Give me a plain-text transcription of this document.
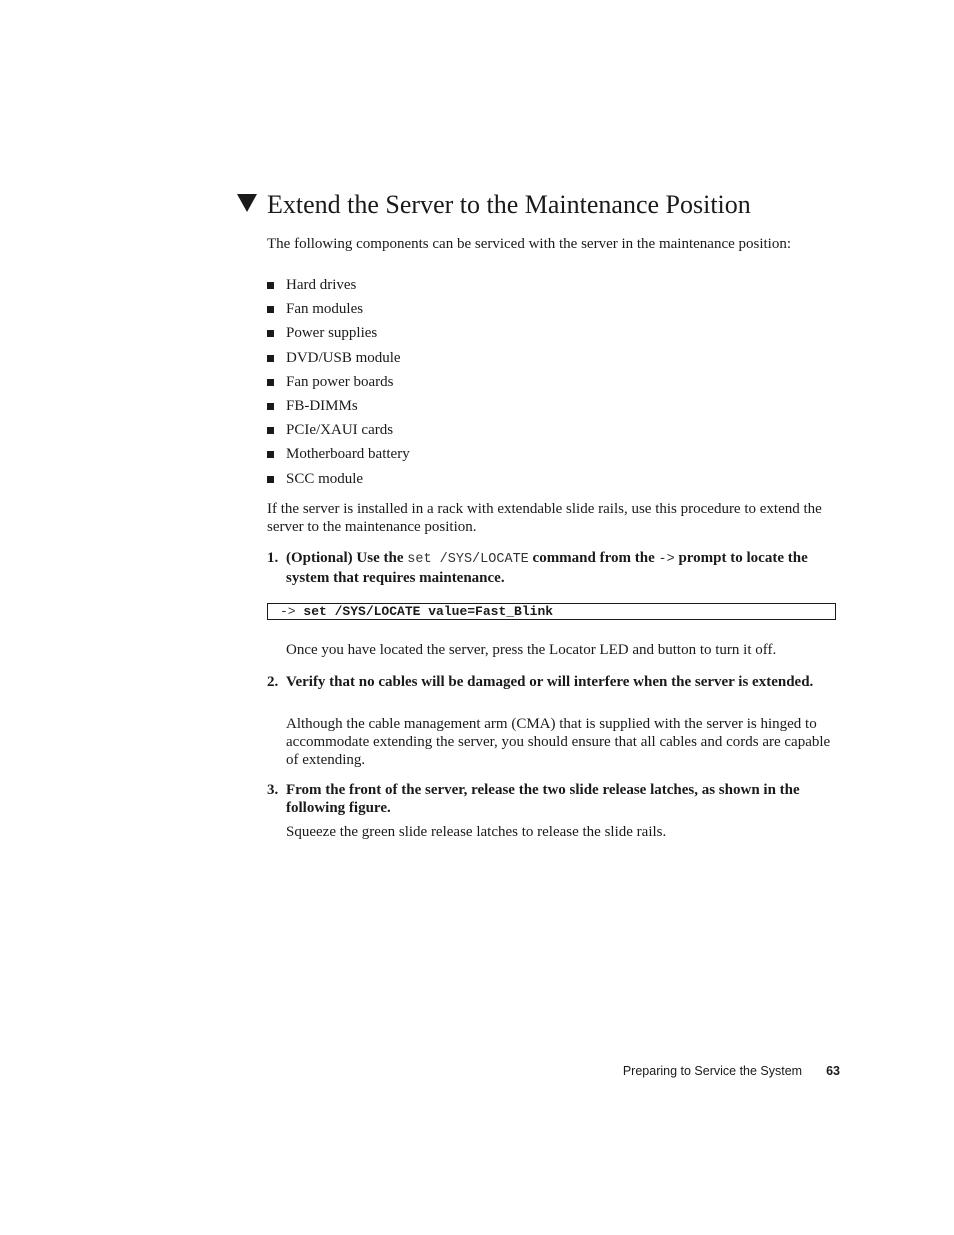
Extend the Server to the Maintenance Position

The following components can be serviced with the server in the maintenance position:

Hard drives
Fan modules
Power supplies
DVD/USB module
Fan power boards
FB-DIMMs
PCIe/XAUI cards
Motherboard battery
SCC module

If the server is installed in a rack with extendable slide rails, use this procedure to extend the server to the maintenance position.

1. (Optional) Use the set /SYS/LOCATE command from the -> prompt to locate the system that requires maintenance.
-> set /SYS/LOCATE value=Fast_Blink

Once you have located the server, press the Locator LED and button to turn it off.

2. Verify that no cables will be damaged or will interfere when the server is extended.

Although the cable management arm (CMA) that is supplied with the server is hinged to accommodate extending the server, you should ensure that all cables and cords are capable of extending.

3. From the front of the server, release the two slide release latches, as shown in the following figure.

Squeeze the green slide release latches to release the slide rails.

Preparing to Service the System 63
